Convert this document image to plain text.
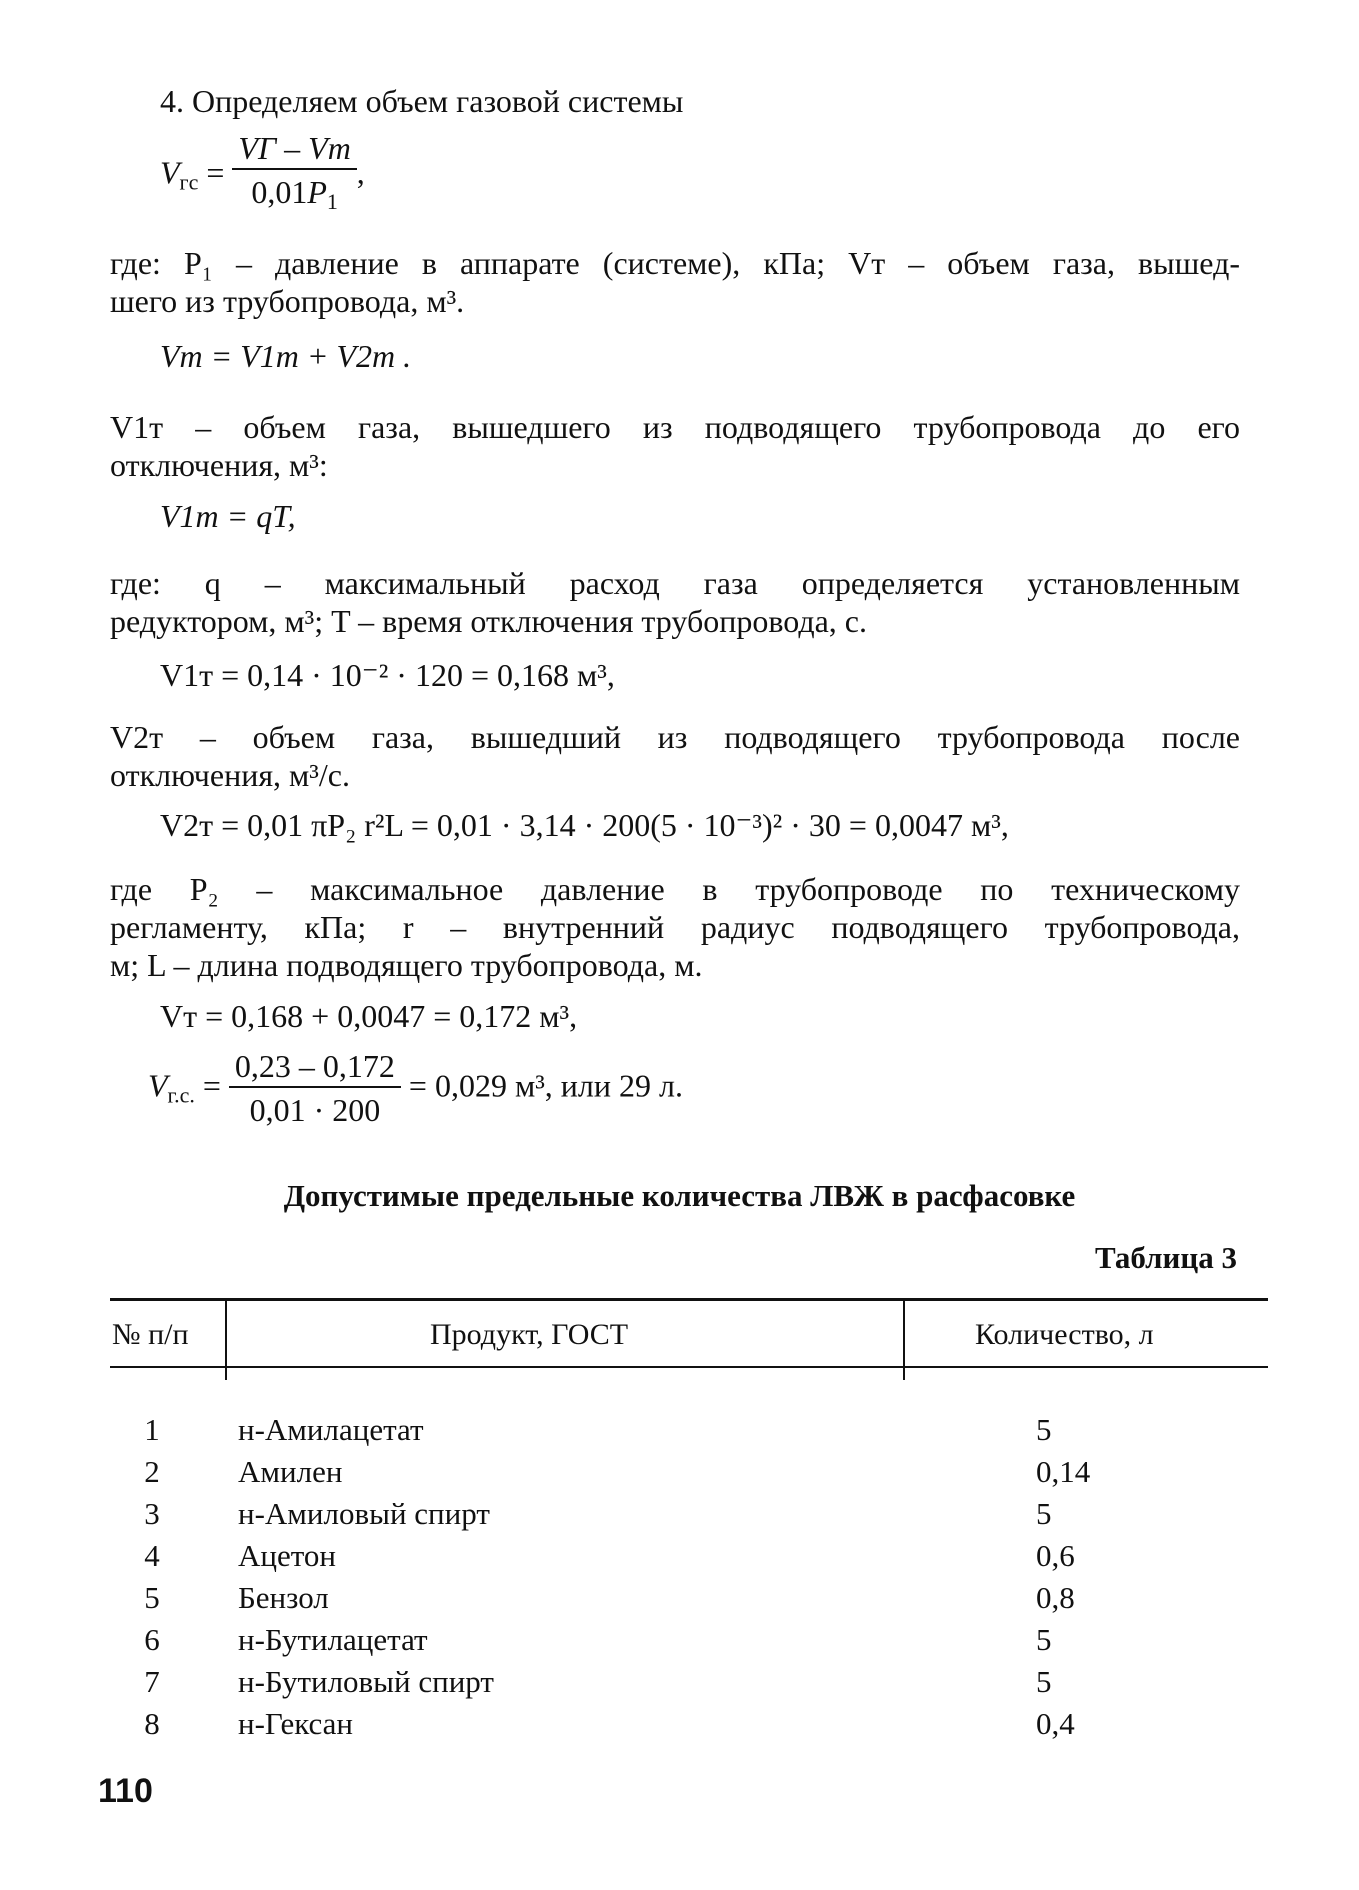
4. Определяем объем газовой системы
$V_{гс} = \frac{VГ - Vт}{0,01P_1}$ ,
где: P₁ – давление в аппарате (системе), кПа; Vт – объем газа, вышед-
шего из трубопровода, м³.
Vт = V1т + V2т .
V1т – объем газа, вышедшего из подводящего трубопровода до его
отключения, м³:
V1т = qT,
где: q – максимальный расход газа определяется установленным
редуктором, м³; T – время отключения трубопровода, с.
V1т = 0,14 · 10⁻² · 120 = 0,168 м³,
V2т – объем газа, вышедший из подводящего трубопровода после
отключения, м³/с.
V2т = 0,01 πP₂ r²L = 0,01 · 3,14 · 200(5 · 10⁻³)² · 30 = 0,0047 м³,
где P₂ – максимальное давление в трубопроводе по техническому
регламенту, кПа; r – внутренний радиус подводящего трубопровода,
м; L – длина подводящего трубопровода, м.
Vт = 0,168 + 0,0047 = 0,172 м³,
$V_{г.с.} = \frac{0,23 - 0,172}{0,01 \cdot 200} = 0,029$ м³, или 29 л.
Допустимые предельные количества ЛВЖ в расфасовке
Таблица 3
№ п/п	Продукт, ГОСТ	Количество, л
1	н-Амилацетат	5
2	Амилен	0,14
3	н-Амиловый спирт	5
4	Ацетон	0,6
5	Бензол	0,8
6	н-Бутилацетат	5
7	н-Бутиловый спирт	5
8	н-Гексан	0,4
110
